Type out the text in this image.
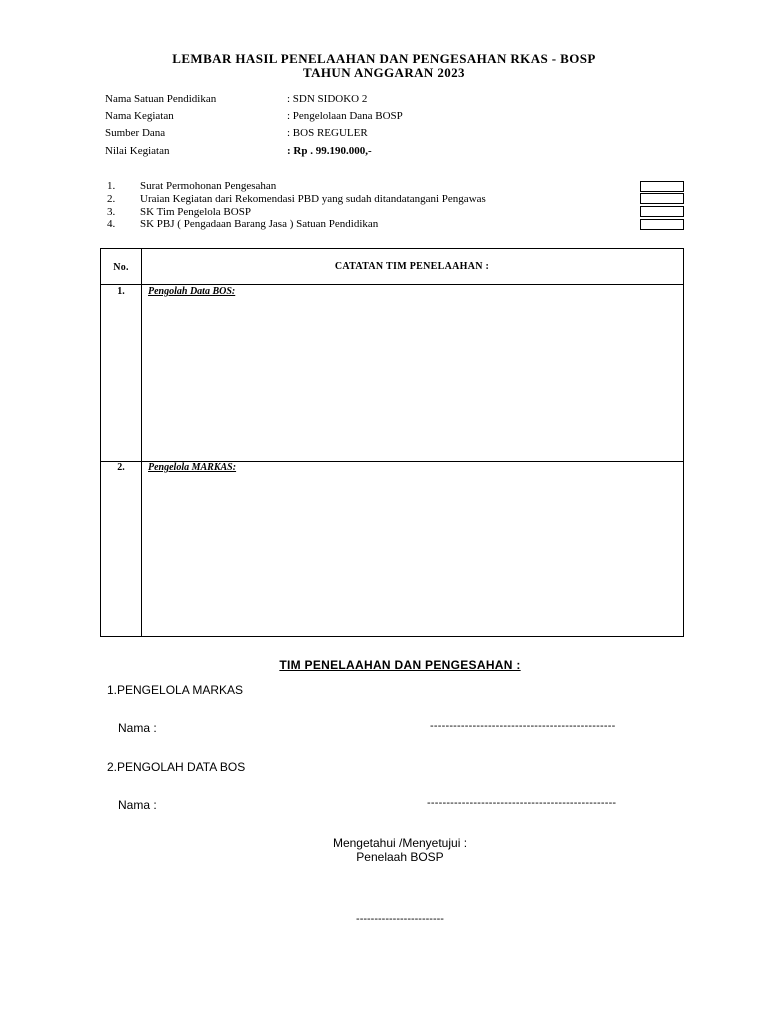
LEMBAR HASIL PENELAAHAN DAN PENGESAHAN RKAS - BOSP
TAHUN ANGGARAN 2023
Nama Satuan Pendidikan	: SDN SIDOKO 2
Nama Kegiatan	: Pengelolaan Dana BOSP
Sumber Dana	: BOS REGULER
Nilai Kegiatan	: Rp . 99.190.000,-
1. Surat Permohonan Pengesahan
2. Uraian Kegiatan dari Rekomendasi PBD yang sudah ditandatangani Pengawas
3. SK Tim Pengelola BOSP
4. SK PBJ ( Pengadaan Barang Jasa ) Satuan Pendidikan
No.	CATATAN TIM PENELAAHAN :
1.	Pengolah Data BOS:
2.	Pengelola MARKAS:
TIM PENELAAHAN DAN PENGESAHAN :
1.PENGELOLA MARKAS
Nama :	------------------------------------------------
2.PENGOLAH DATA BOS
Nama :	-------------------------------------------------
Mengetahui /Menyetujui :
Penelaah BOSP
------------------------
